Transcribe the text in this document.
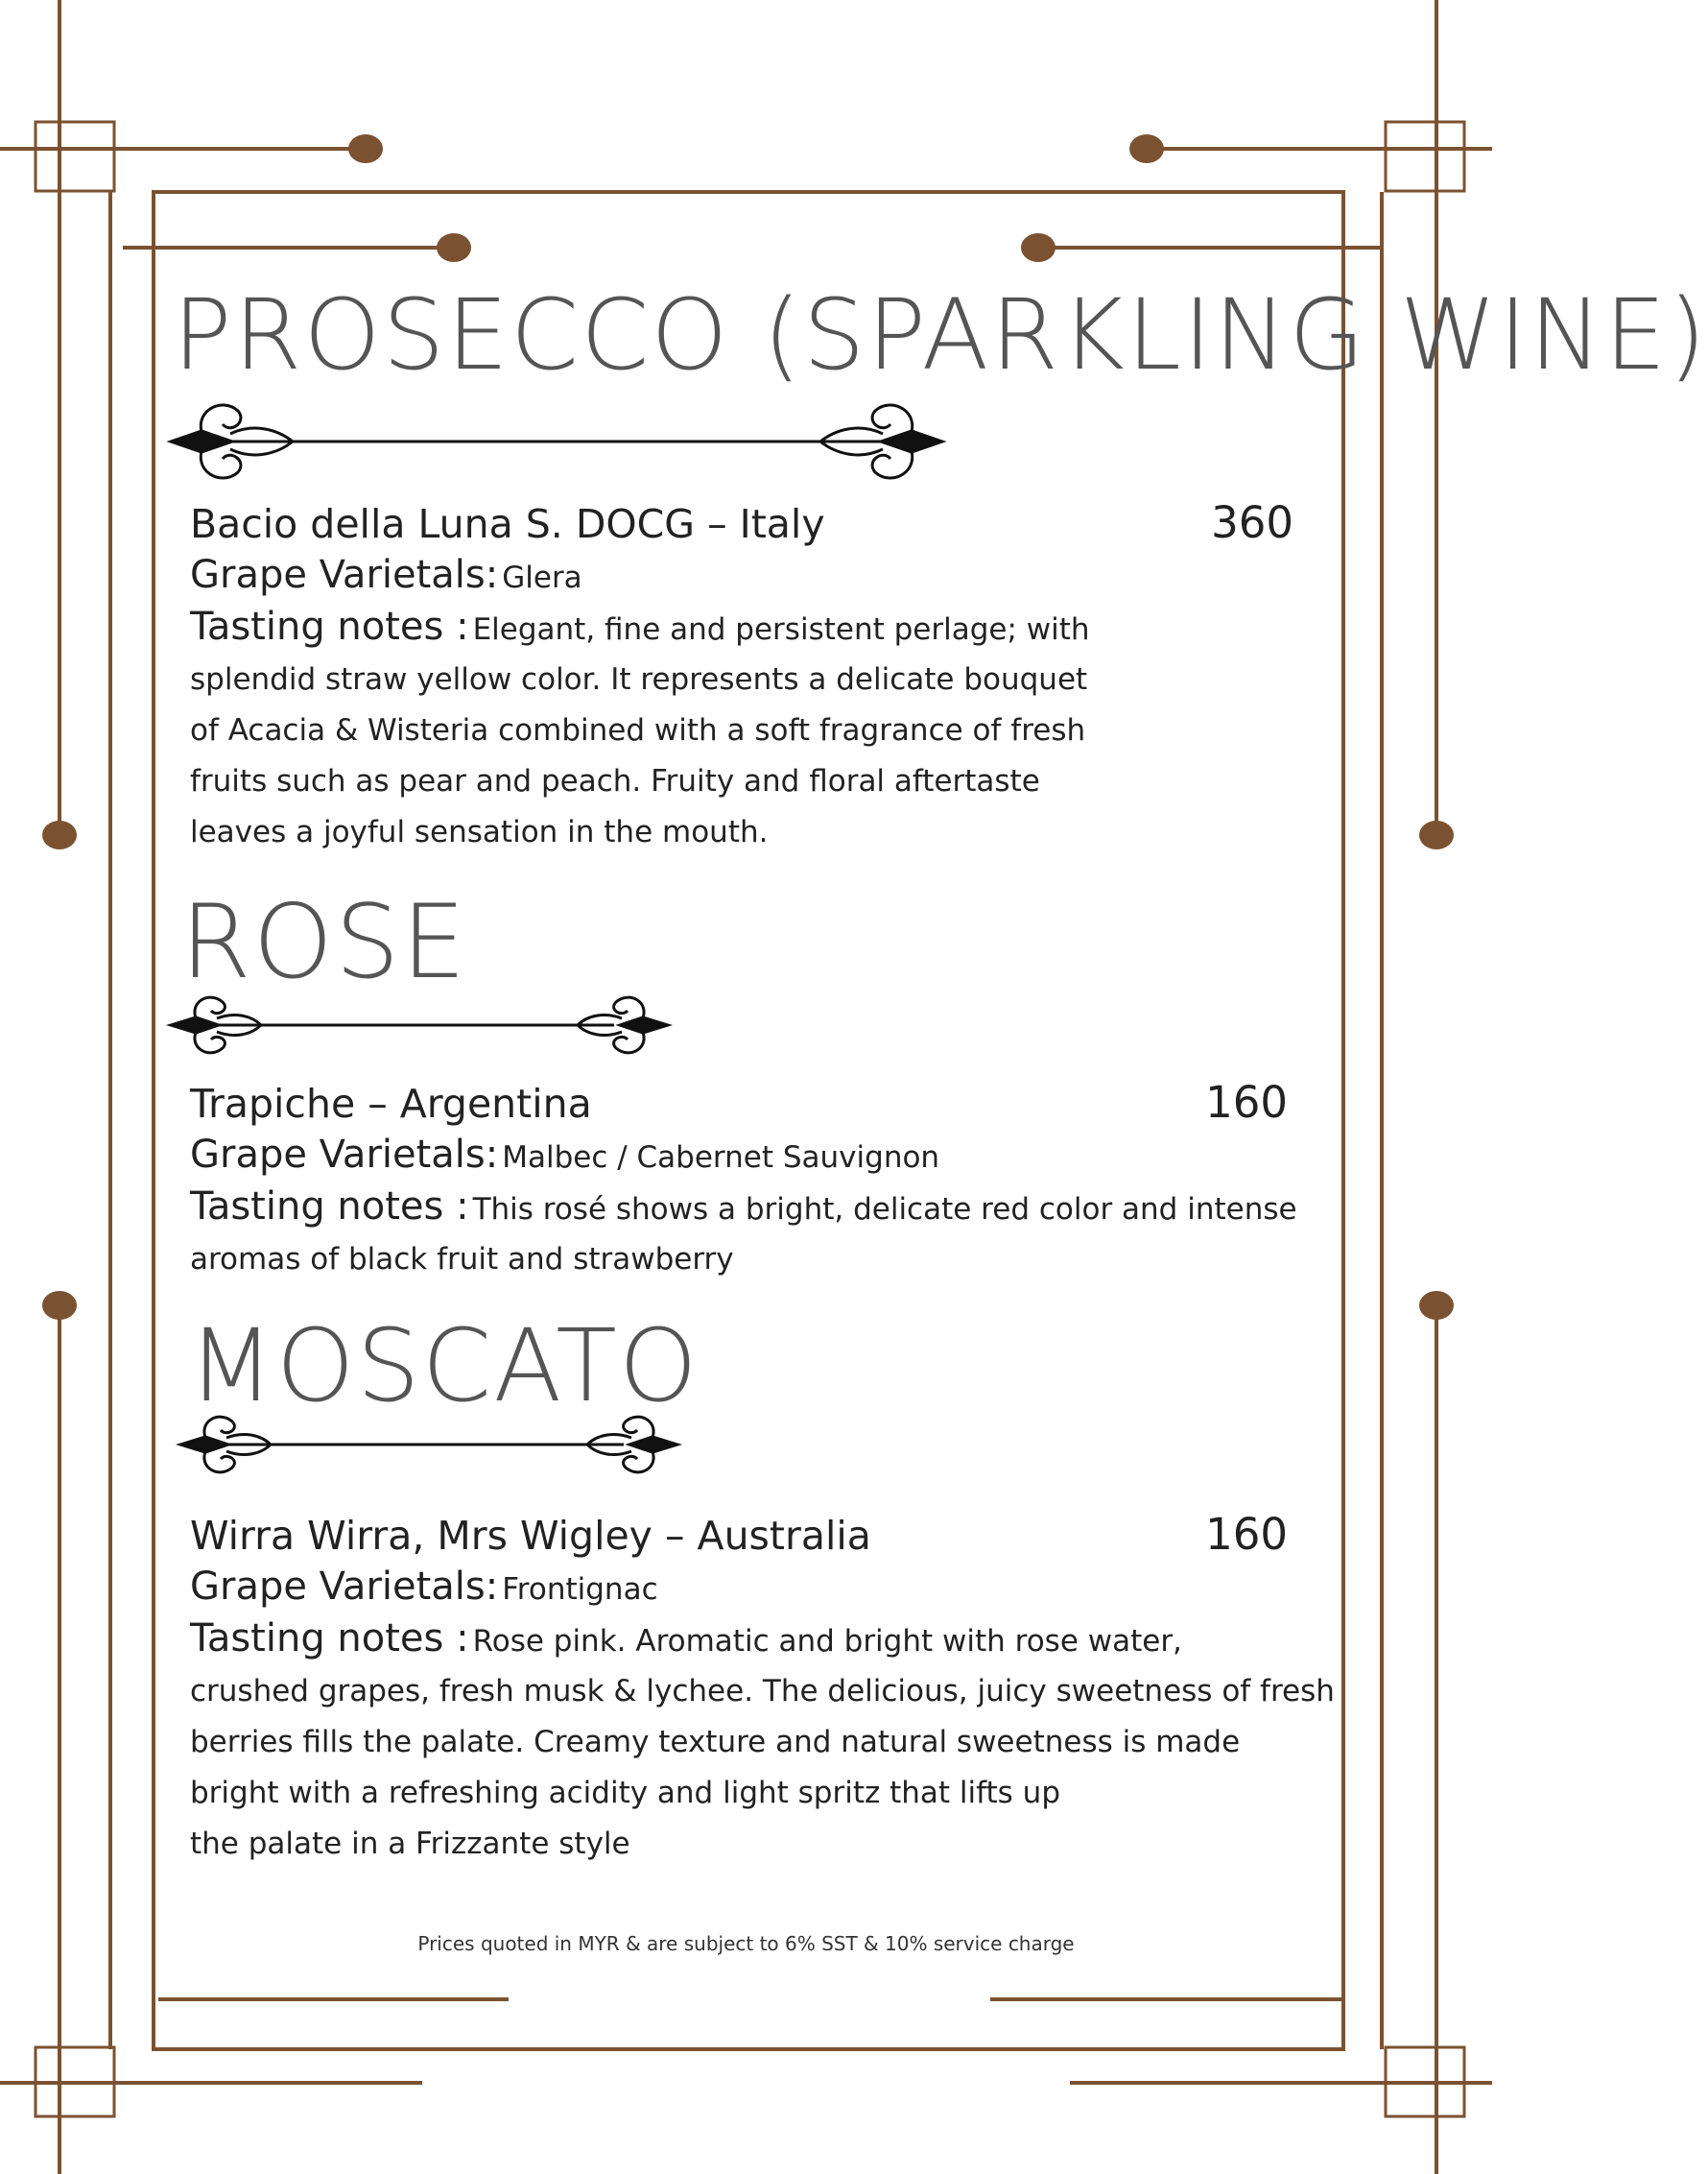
PROSECCO (SPARKLING WINE)
Bacio della Luna S. DOCG – Italy	360
Grape Varietals: Glera
Tasting notes : Elegant, fine and persistent perlage; with
splendid straw yellow color. It represents a delicate bouquet
of Acacia & Wisteria combined with a soft fragrance of fresh
fruits such as pear and peach. Fruity and floral aftertaste
leaves a joyful sensation in the mouth.
ROSE
Trapiche – Argentina	160
Grape Varietals: Malbec / Cabernet Sauvignon
Tasting notes : This rosé shows a bright, delicate red color and intense
aromas of black fruit and strawberry
MOSCATO
Wirra Wirra, Mrs Wigley – Australia	160
Grape Varietals: Frontignac
Tasting notes : Rose pink. Aromatic and bright with rose water,
crushed grapes, fresh musk & lychee. The delicious, juicy sweetness of fresh
berries fills the palate. Creamy texture and natural sweetness is made
bright with a refreshing acidity and light spritz that lifts up
the palate in a Frizzante style
Prices quoted in MYR & are subject to 6% SST & 10% service charge
